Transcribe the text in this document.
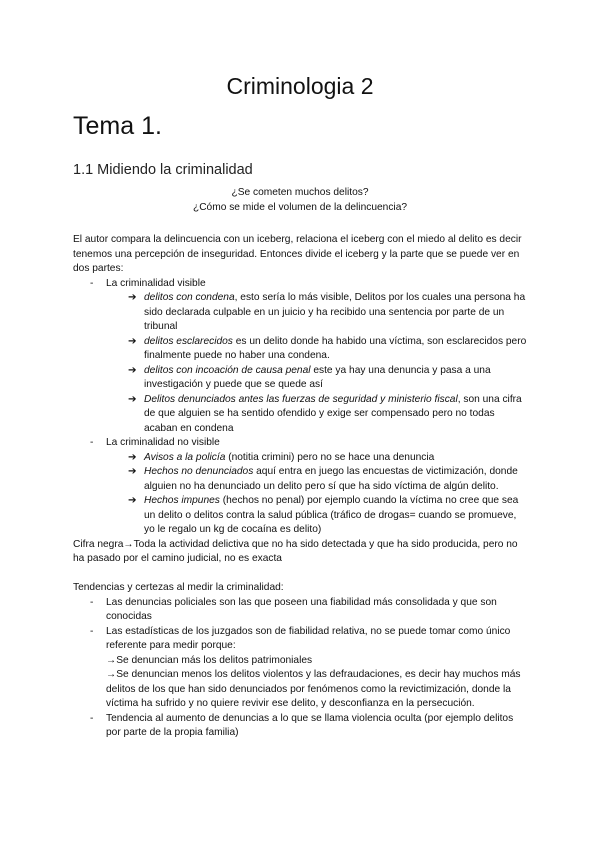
Criminologia 2
Tema 1.
1.1 Midiendo la criminalidad

¿Se cometen muchos delitos?

¿Cómo se mide el volumen de la delincuencia?

El autor compara la delincuencia con un iceberg, relaciona el iceberg con el miedo al delito es decir tenemos una percepción de inseguridad. Entonces divide el iceberg y la parte que se puede ver en dos partes:

- La criminalidad visible
➔ delitos con condena, esto sería lo más visible, Delitos por los cuales una persona ha sido declarada culpable en un juicio y ha recibido una sentencia por parte de un tribunal
➔ delitos esclarecidos es un delito donde ha habido una víctima, son esclarecidos pero finalmente puede no haber una condena.
➔ delitos con incoación de causa penal este ya hay una denuncia y pasa a una investigación y puede que se quede así
➔ Delitos denunciados antes las fuerzas de seguridad y ministerio fiscal, son una cifra de que alguien se ha sentido ofendido y exige ser compensado pero no todas acaban en condena
- La criminalidad no visible
➔ Avisos a la policía (notitia crimini) pero no se hace una denuncia
➔ Hechos no denunciados aquí entra en juego las encuestas de victimización, donde alguien no ha denunciado un delito pero sí que ha sido víctima de algún delito.
➔ Hechos impunes (hechos no penal) por ejemplo cuando la víctima no cree que sea un delito o delitos contra la salud pública (tráfico de drogas= cuando se promueve, yo le regalo un kg de cocaína es delito)

Cifra negra→Toda la actividad delictiva que no ha sido detectada y que ha sido producida, pero no ha pasado por el camino judicial, no es exacta

Tendencias y certezas al medir la criminalidad:

- Las denuncias policiales son las que poseen una fiabilidad más consolidada y que son conocidas
- Las estadísticas de los juzgados son de fiabilidad relativa, no se puede tomar como único referente para medir porque:
→Se denuncian más los delitos patrimoniales
→Se denuncian menos los delitos violentos y las defraudaciones, es decir hay muchos más delitos de los que han sido denunciados por fenómenos como la revictimización, donde la víctima ha sufrido y no quiere revivir ese delito, y desconfianza en la persecución.
- Tendencia al aumento de denuncias a lo que se llama violencia oculta (por ejemplo delitos por parte de la propia familia)
